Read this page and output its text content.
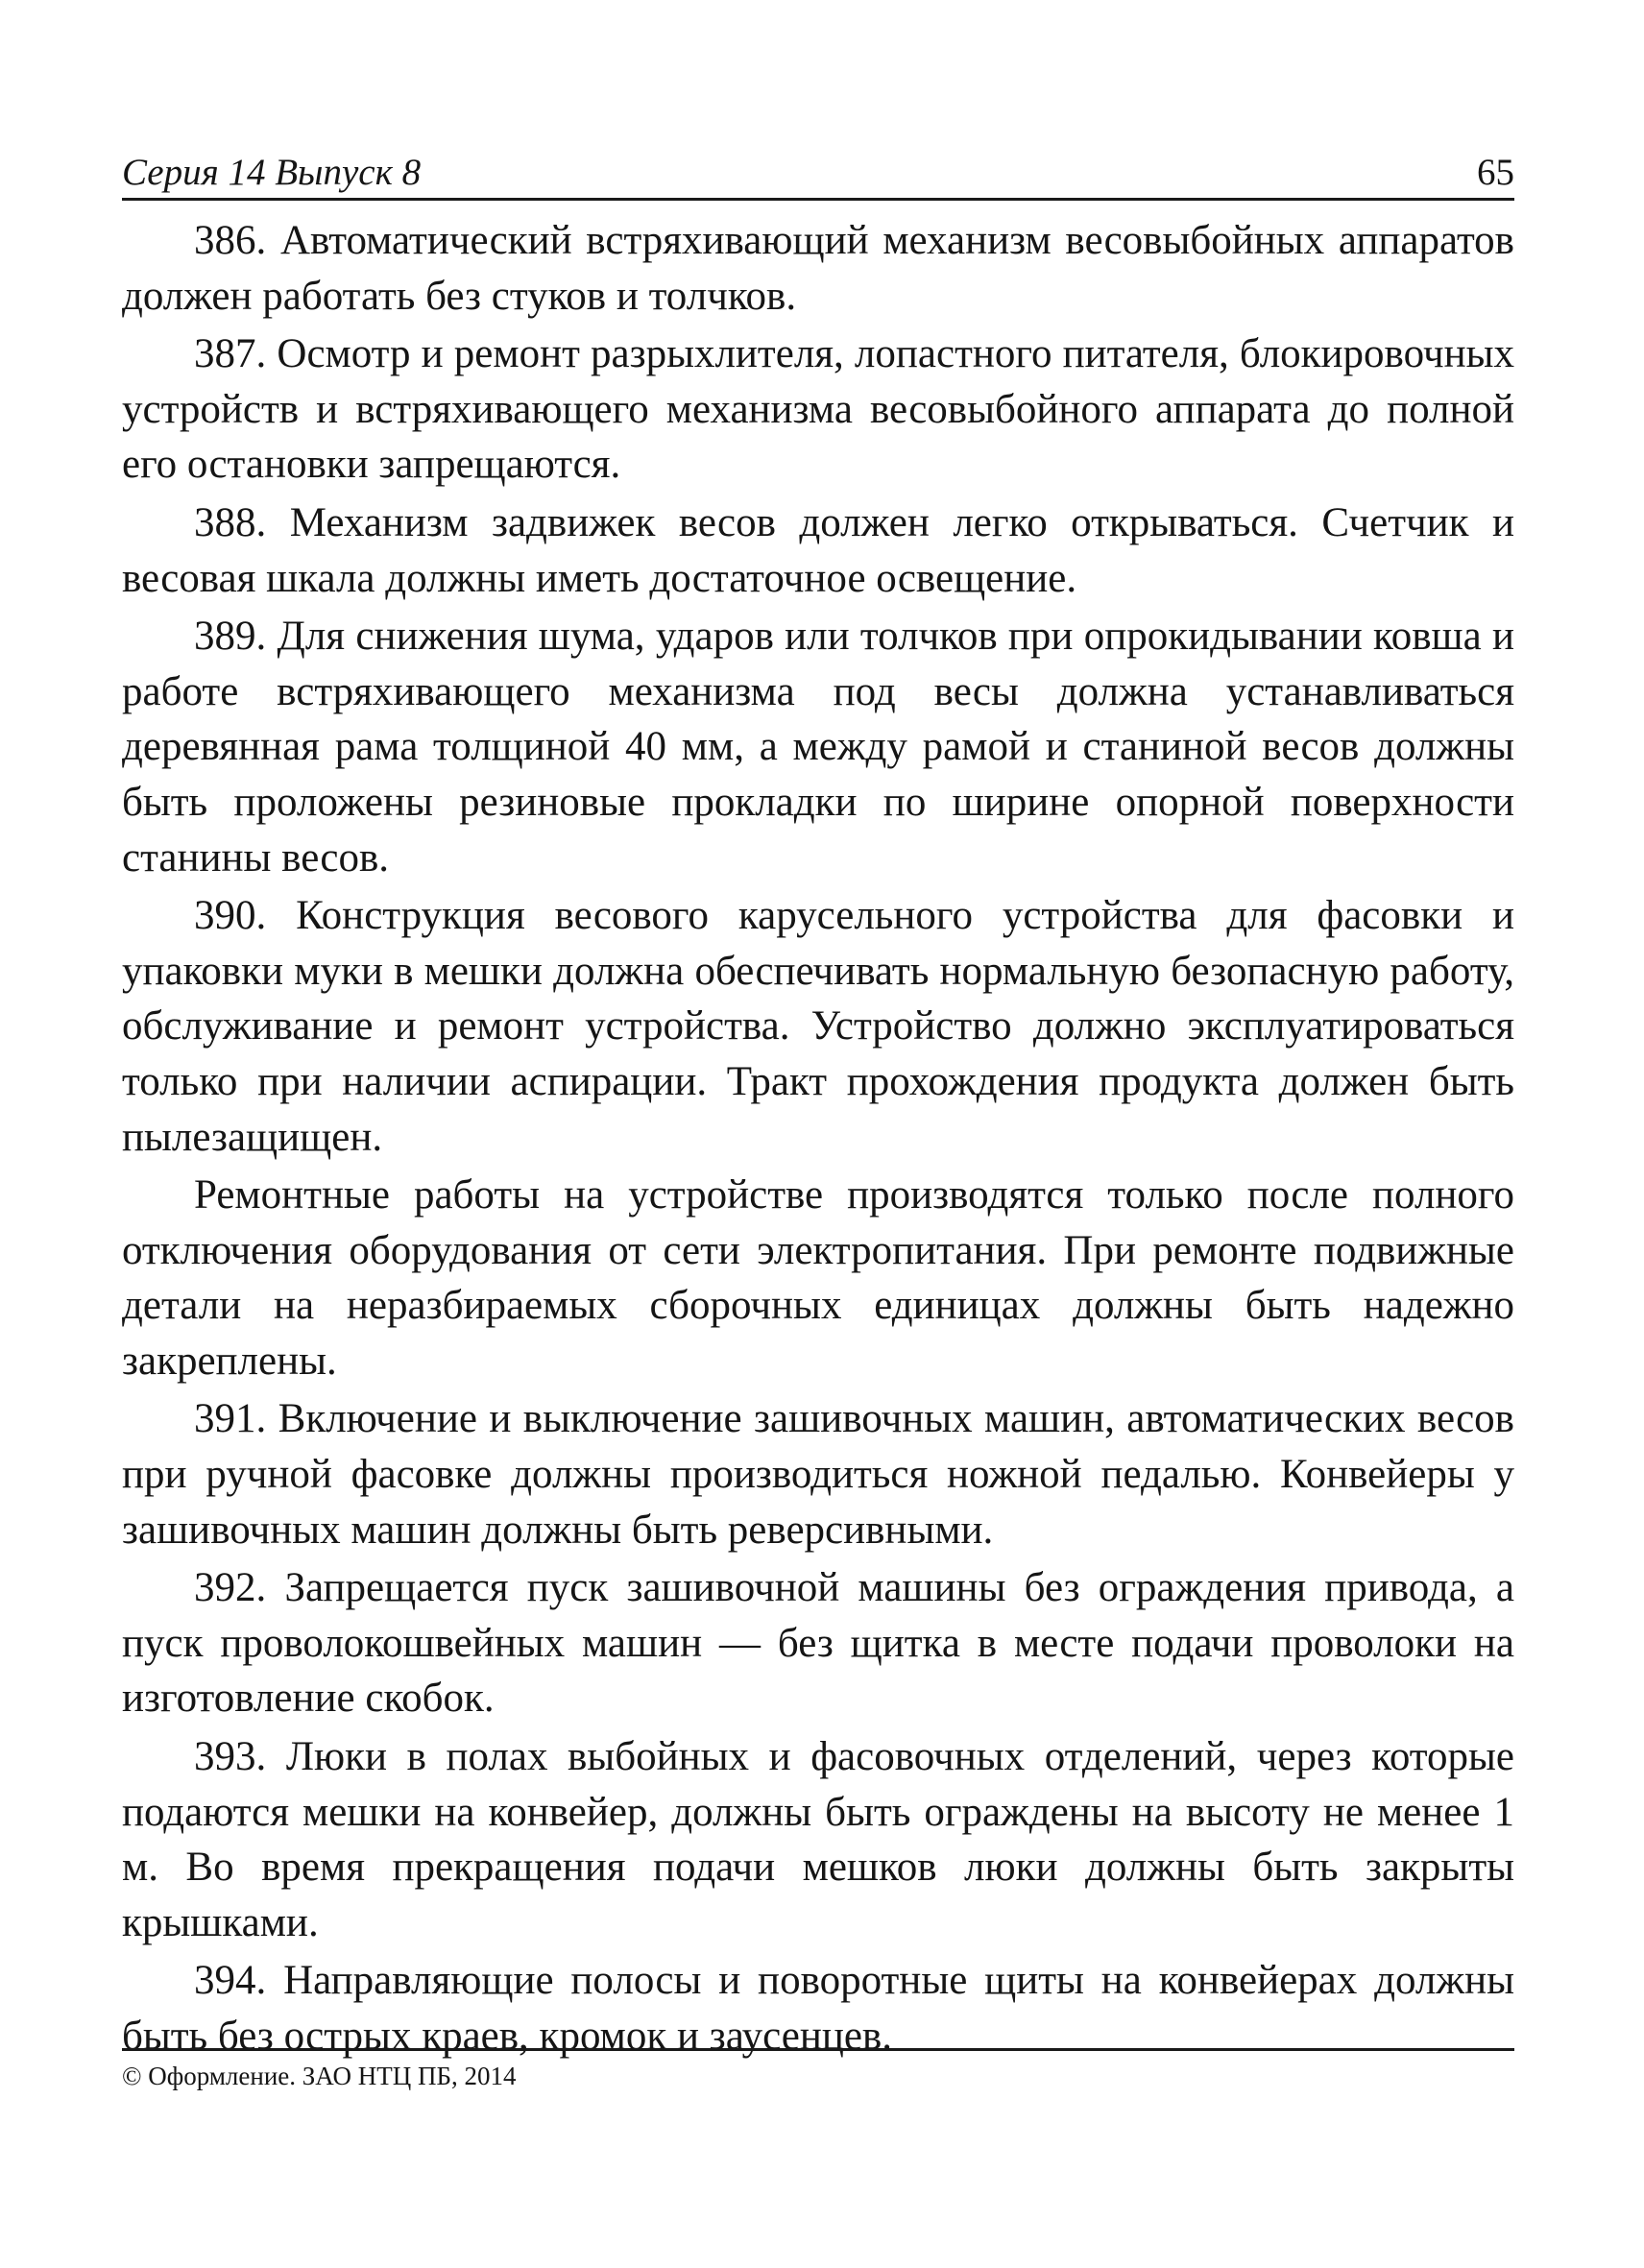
Серия 14 Выпуск 8	65

386. Автоматический встряхивающий механизм весовыбойных аппаратов должен работать без стуков и толчков.

387. Осмотр и ремонт разрыхлителя, лопастного питателя, блокировочных устройств и встряхивающего механизма весовыбойного аппарата до полной его остановки запрещаются.

388. Механизм задвижек весов должен легко открываться. Счетчик и весовая шкала должны иметь достаточное освещение.

389. Для снижения шума, ударов или толчков при опрокидывании ковша и работе встряхивающего механизма под весы должна устанавливаться деревянная рама толщиной 40 мм, а между рамой и станиной весов должны быть проложены резиновые прокладки по ширине опорной поверхности станины весов.

390. Конструкция весового карусельного устройства для фасовки и упаковки муки в мешки должна обеспечивать нормальную безопасную работу, обслуживание и ремонт устройства. Устройство должно эксплуатироваться только при наличии аспирации. Тракт прохождения продукта должен быть пылезащищен.

Ремонтные работы на устройстве производятся только после полного отключения оборудования от сети электропитания. При ремонте подвижные детали на неразбираемых сборочных единицах должны быть надежно закреплены.

391. Включение и выключение зашивочных машин, автоматических весов при ручной фасовке должны производиться ножной педалью. Конвейеры у зашивочных машин должны быть реверсивными.

392. Запрещается пуск зашивочной машины без ограждения привода, а пуск проволокошвейных машин — без щитка в месте подачи проволоки на изготовление скобок.

393. Люки в полах выбойных и фасовочных отделений, через которые подаются мешки на конвейер, должны быть ограждены на высоту не менее 1 м. Во время прекращения подачи мешков люки должны быть закрыты крышками.

394. Направляющие полосы и поворотные щиты на конвейерах должны быть без острых краев, кромок и заусенцев.

© Оформление. ЗАО НТЦ ПБ, 2014
